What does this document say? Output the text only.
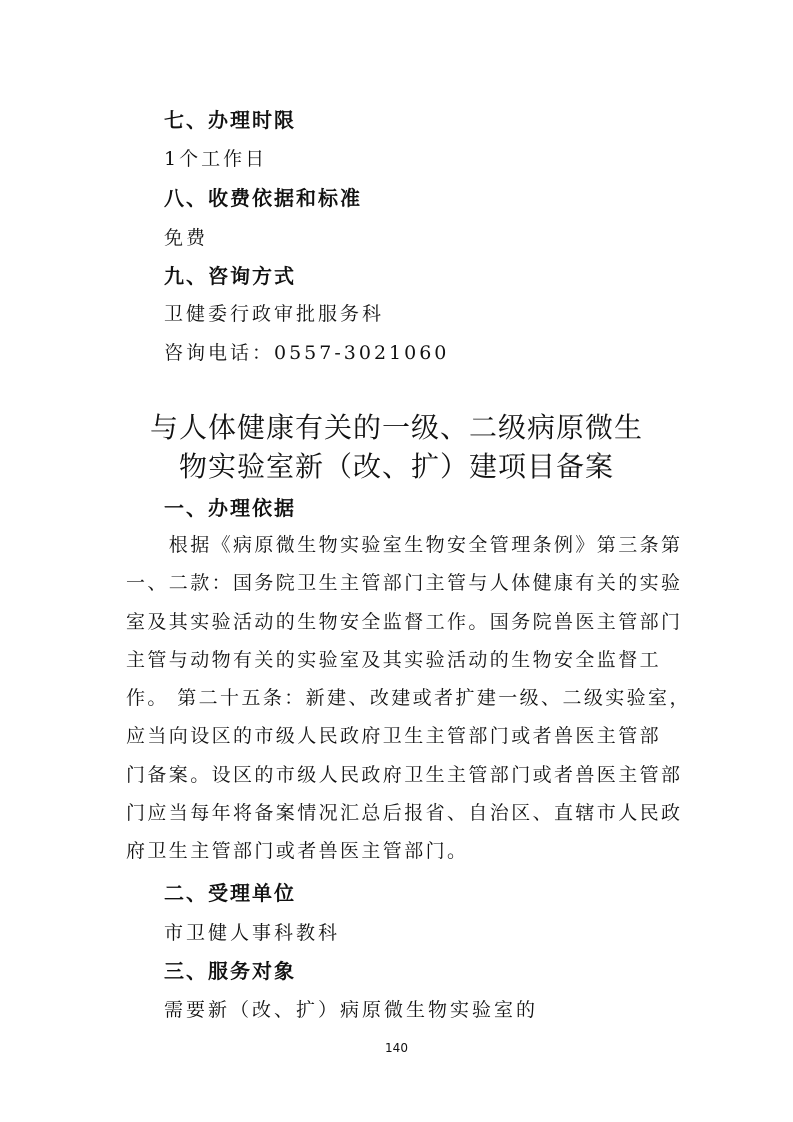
七、办理时限
1个工作日
八、收费依据和标准
免费
九、咨询方式
卫健委行政审批服务科
咨询电话：0557-3021060
与人体健康有关的一级、二级病原微生
物实验室新（改、扩）建项目备案
一、办理依据
　　根据《病原微生物实验室生物安全管理条例》第三条第
一、二款：国务院卫生主管部门主管与人体健康有关的实验
室及其实验活动的生物安全监督工作。国务院兽医主管部门
主管与动物有关的实验室及其实验活动的生物安全监督工
作。 第二十五条：新建、改建或者扩建一级、二级实验室，
应当向设区的市级人民政府卫生主管部门或者兽医主管部
门备案。设区的市级人民政府卫生主管部门或者兽医主管部
门应当每年将备案情况汇总后报省、自治区、直辖市人民政
府卫生主管部门或者兽医主管部门。
二、受理单位
市卫健人事科教科
三、服务对象
需要新（改、扩）病原微生物实验室的
140
